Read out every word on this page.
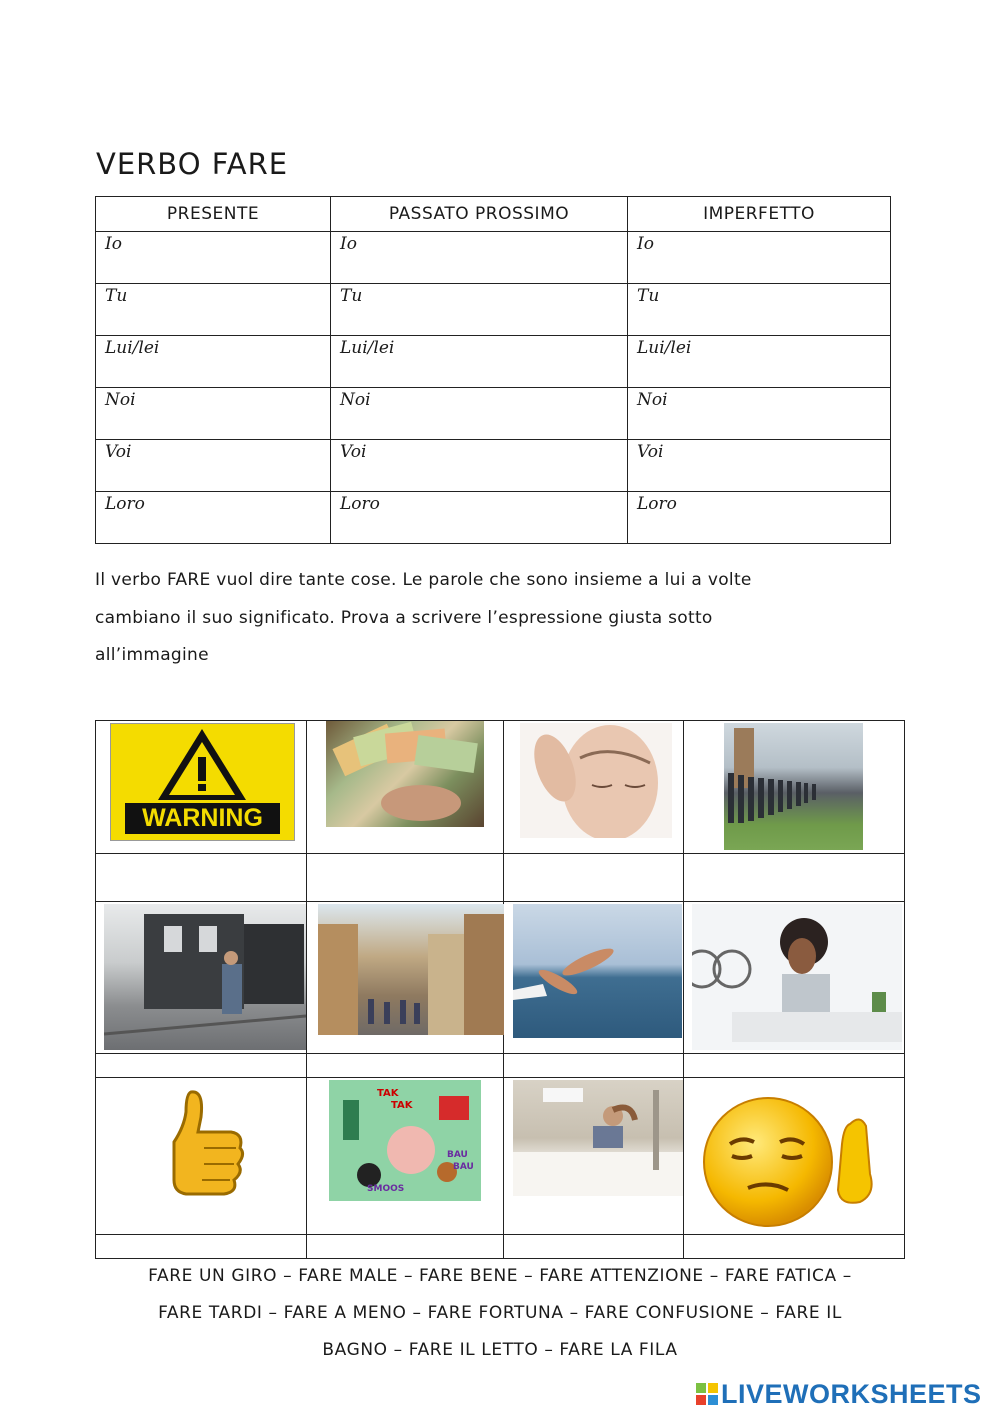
VERBO FARE
PRESENTE	PASSATO PROSSIMO	IMPERFETTO
Io	Io	Io
Tu	Tu	Tu
Lui/lei	Lui/lei	Lui/lei
Noi	Noi	Noi
Voi	Voi	Voi
Loro	Loro	Loro

Il verbo FARE vuol dire tante cose. Le parole che sono insieme a lui a volte
cambiano il suo significato. Prova a scrivere l’espressione giusta sotto
all’immagine

WARNING

TAK
TAK
SMOOS
BAU
BAU

FARE UN GIRO – FARE MALE – FARE BENE – FARE ATTENZIONE – FARE FATICA –
FARE TARDI – FARE A MENO – FARE FORTUNA – FARE CONFUSIONE – FARE IL
BAGNO – FARE IL LETTO – FARE LA FILA
LIVEWORKSHEETS
